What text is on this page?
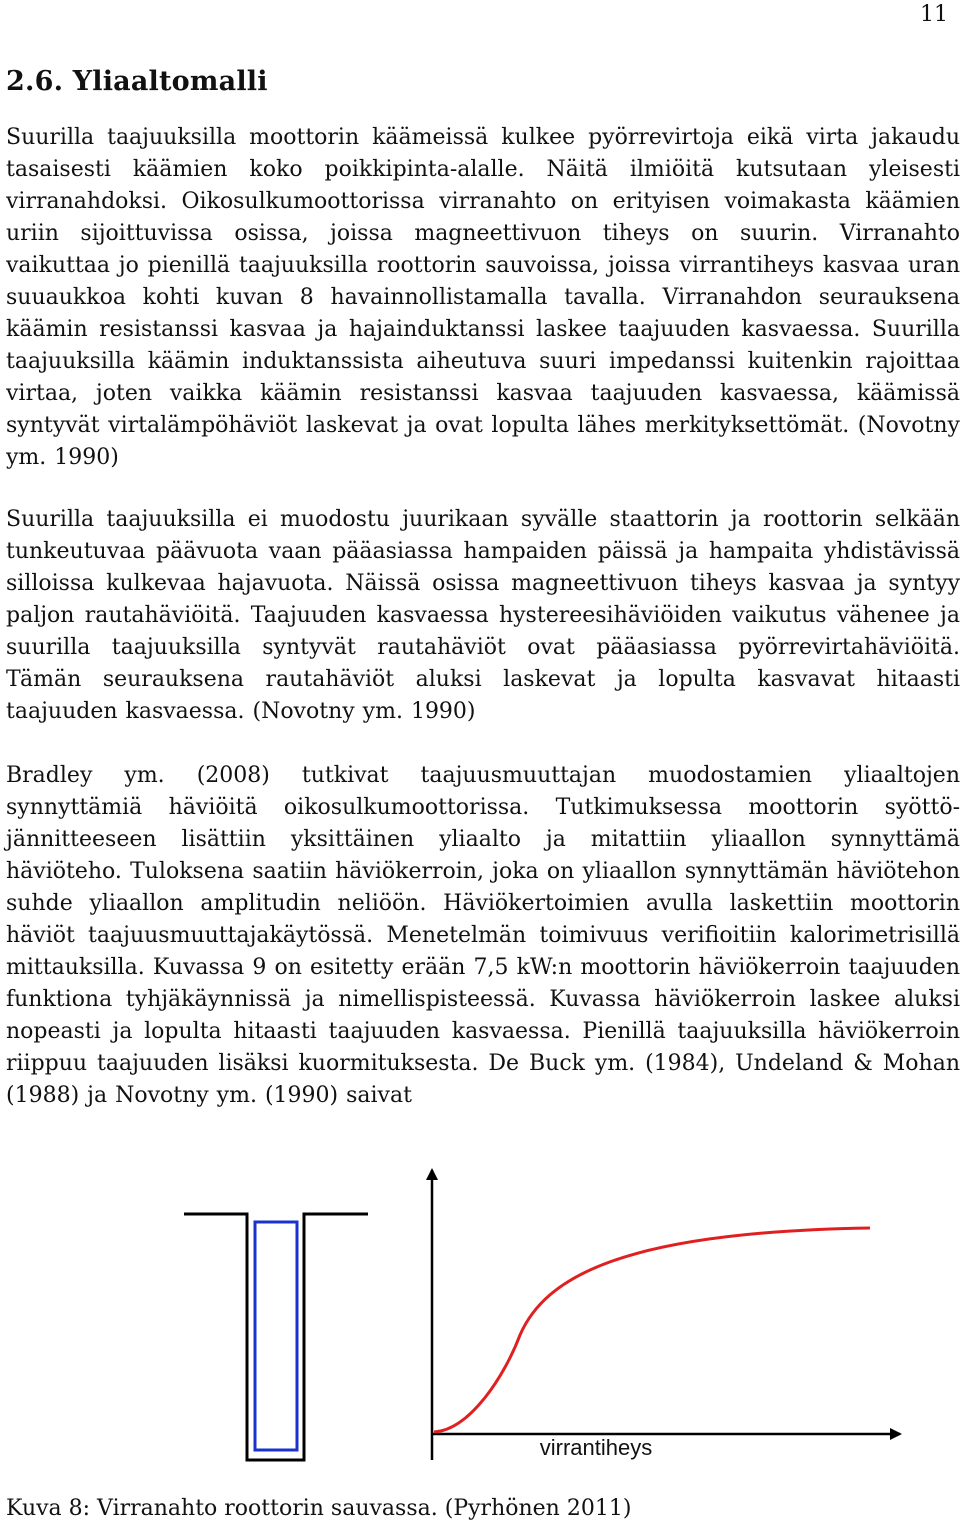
11
2.6. Yliaaltomalli

Suurilla taajuuksilla moottorin käämeissä kulkee pyörrevirtoja eikä virta jakaudu tasaisesti käämien koko poikkipinta-alalle. Näitä ilmiöitä kutsutaan yleisesti virranahdoksi. Oikosulkumoottorissa virranahto on erityisen voimakasta käämien uriin sijoittuvissa osissa, joissa magneettivuon tiheys on suurin. Virranahto vaikuttaa jo pienillä taajuuksilla roottorin sauvoissa, joissa virrantiheys kasvaa uran suuaukkoa kohti kuvan 8 havainnollistamalla tavalla. Virranahdon seurauksena käämin resistanssi kasvaa ja hajainduktanssi laskee taajuuden kasvaessa. Suurilla taajuuksilla käämin induktanssista aiheutuva suuri impedanssi kuitenkin rajoittaa virtaa, joten vaikka käämin resistanssi kasvaa taajuuden kasvaessa, käämissä syntyvät virtalämpöhäviöt laskevat ja ovat lopulta lähes merkityksettömät. (Novotny ym. 1990)

Suurilla taajuuksilla ei muodostu juurikaan syvälle staattorin ja roottorin selkään tunkeutuvaa päävuota vaan pääasiassa hampaiden päissä ja hampaita yhdistävissä silloissa kulkevaa hajavuota. Näissä osissa magneettivuon tiheys kasvaa ja syntyy paljon rautahäviöitä. Taajuuden kasvaessa hystereesihäviöiden vaikutus vähenee ja suurilla taajuuksilla syntyvät rautahäviöt ovat pääasiassa pyörrevirtahäviöitä. Tämän seurauksena rautahäviöt aluksi laskevat ja lopulta kasvavat hitaasti taajuuden kasvaessa. (Novotny ym. 1990)

Bradley ym. (2008) tutkivat taajuusmuuttajan muodostamien yliaaltojen synnyttämiä häviöitä oikosulkumoottorissa. Tutkimuksessa moottorin syöttöjännitteeseen lisättiin yksittäinen yliaalto ja mitattiin yliaallon synnyttämä häviöteho. Tuloksena saatiin häviökerroin, joka on yliaallon synnyttämän häviötehon suhde yliaallon amplitudin neliöön. Häviökertoimien avulla laskettiin moottorin häviöt taajuusmuuttajakäytössä. Menetelmän toimivuus verifioitiin kalorimetrisillä mittauksilla. Kuvassa 9 on esitetty erään 7,5 kW:n moottorin häviökerroin taajuuden funktiona tyhjäkäynnissä ja nimellispisteessä. Kuvassa häviökerroin laskee aluksi nopeasti ja lopulta hitaasti taajuuden kasvaessa. Pienillä taajuuksilla häviökerroin riippuu taajuuden lisäksi kuormituksesta. De Buck ym. (1984), Undeland & Mohan (1988) ja Novotny ym. (1990) saivat

virrantiheys

Kuva 8: Virranahto roottorin sauvassa. (Pyrhönen 2011)
